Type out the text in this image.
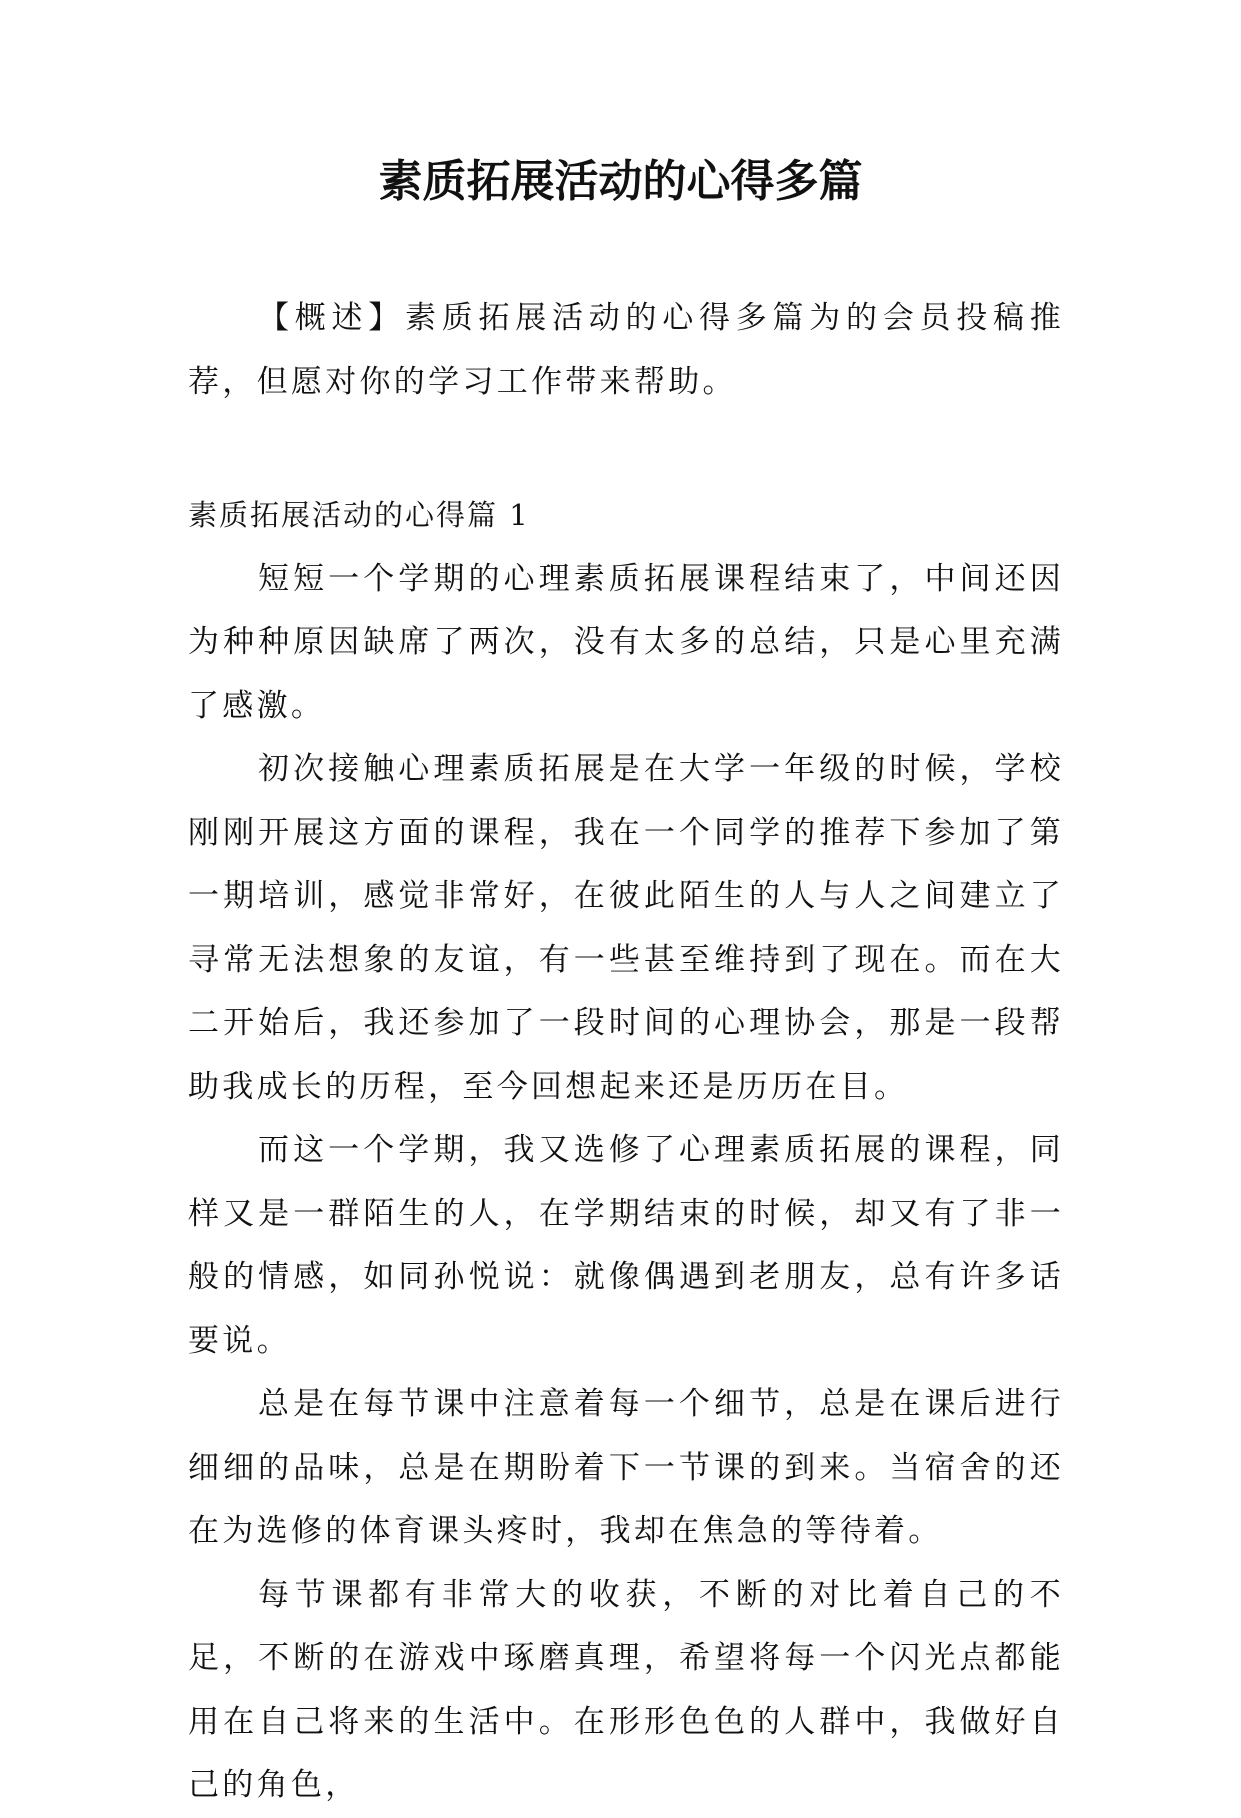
素质拓展活动的心得多篇

【概述】素质拓展活动的心得多篇为的会员投稿推荐，但愿对你的学习工作带来帮助。

素质拓展活动的心得篇 1

短短一个学期的心理素质拓展课程结束了，中间还因为种种原因缺席了两次，没有太多的总结，只是心里充满了感激。

初次接触心理素质拓展是在大学一年级的时候，学校刚刚开展这方面的课程，我在一个同学的推荐下参加了第一期培训，感觉非常好，在彼此陌生的人与人之间建立了寻常无法想象的友谊，有一些甚至维持到了现在。而在大二开始后，我还参加了一段时间的心理协会，那是一段帮助我成长的历程，至今回想起来还是历历在目。

而这一个学期，我又选修了心理素质拓展的课程，同样又是一群陌生的人，在学期结束的时候，却又有了非一般的情感，如同孙悦说：就像偶遇到老朋友，总有许多话要说。

总是在每节课中注意着每一个细节，总是在课后进行细细的品味，总是在期盼着下一节课的到来。当宿舍的还在为选修的体育课头疼时，我却在焦急的等待着。

每节课都有非常大的收获，不断的对比着自己的不足，不断的在游戏中琢磨真理，希望将每一个闪光点都能用在自己将来的生活中。在形形色色的人群中，我做好自己的角色，
